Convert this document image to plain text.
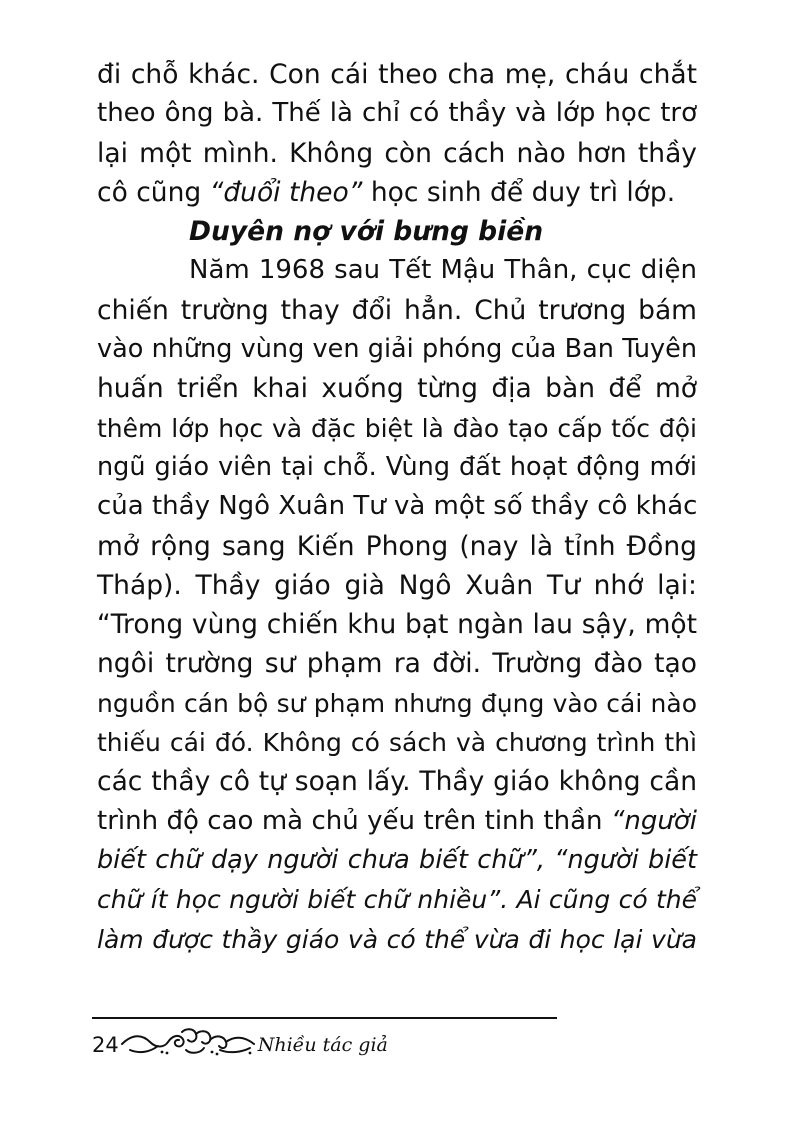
đi chỗ khác. Con cái theo cha mẹ, cháu chắt
theo ông bà. Thế là chỉ có thầy và lớp học trơ
lại một mình. Không còn cách nào hơn thầy
cô cũng “đuổi theo” học sinh để duy trì lớp.
Duyên nợ với bưng biền
Năm 1968 sau Tết Mậu Thân, cục diện
chiến trường thay đổi hẳn. Chủ trương bám
vào những vùng ven giải phóng của Ban Tuyên
huấn triển khai xuống từng địa bàn để mở
thêm lớp học và đặc biệt là đào tạo cấp tốc đội
ngũ giáo viên tại chỗ. Vùng đất hoạt động mới
của thầy Ngô Xuân Tư và một số thầy cô khác
mở rộng sang Kiến Phong (nay là tỉnh Đồng
Tháp). Thầy giáo già Ngô Xuân Tư nhớ lại:
“Trong vùng chiến khu bạt ngàn lau sậy, một
ngôi trường sư phạm ra đời. Trường đào tạo
nguồn cán bộ sư phạm nhưng đụng vào cái nào
thiếu cái đó. Không có sách và chương trình thì
các thầy cô tự soạn lấy. Thầy giáo không cần
trình độ cao mà chủ yếu trên tinh thần “người
biết chữ dạy người chưa biết chữ”, “người biết
chữ ít học người biết chữ nhiều”. Ai cũng có thể
làm được thầy giáo và có thể vừa đi học lại vừa
24	Nhiều tác giả
